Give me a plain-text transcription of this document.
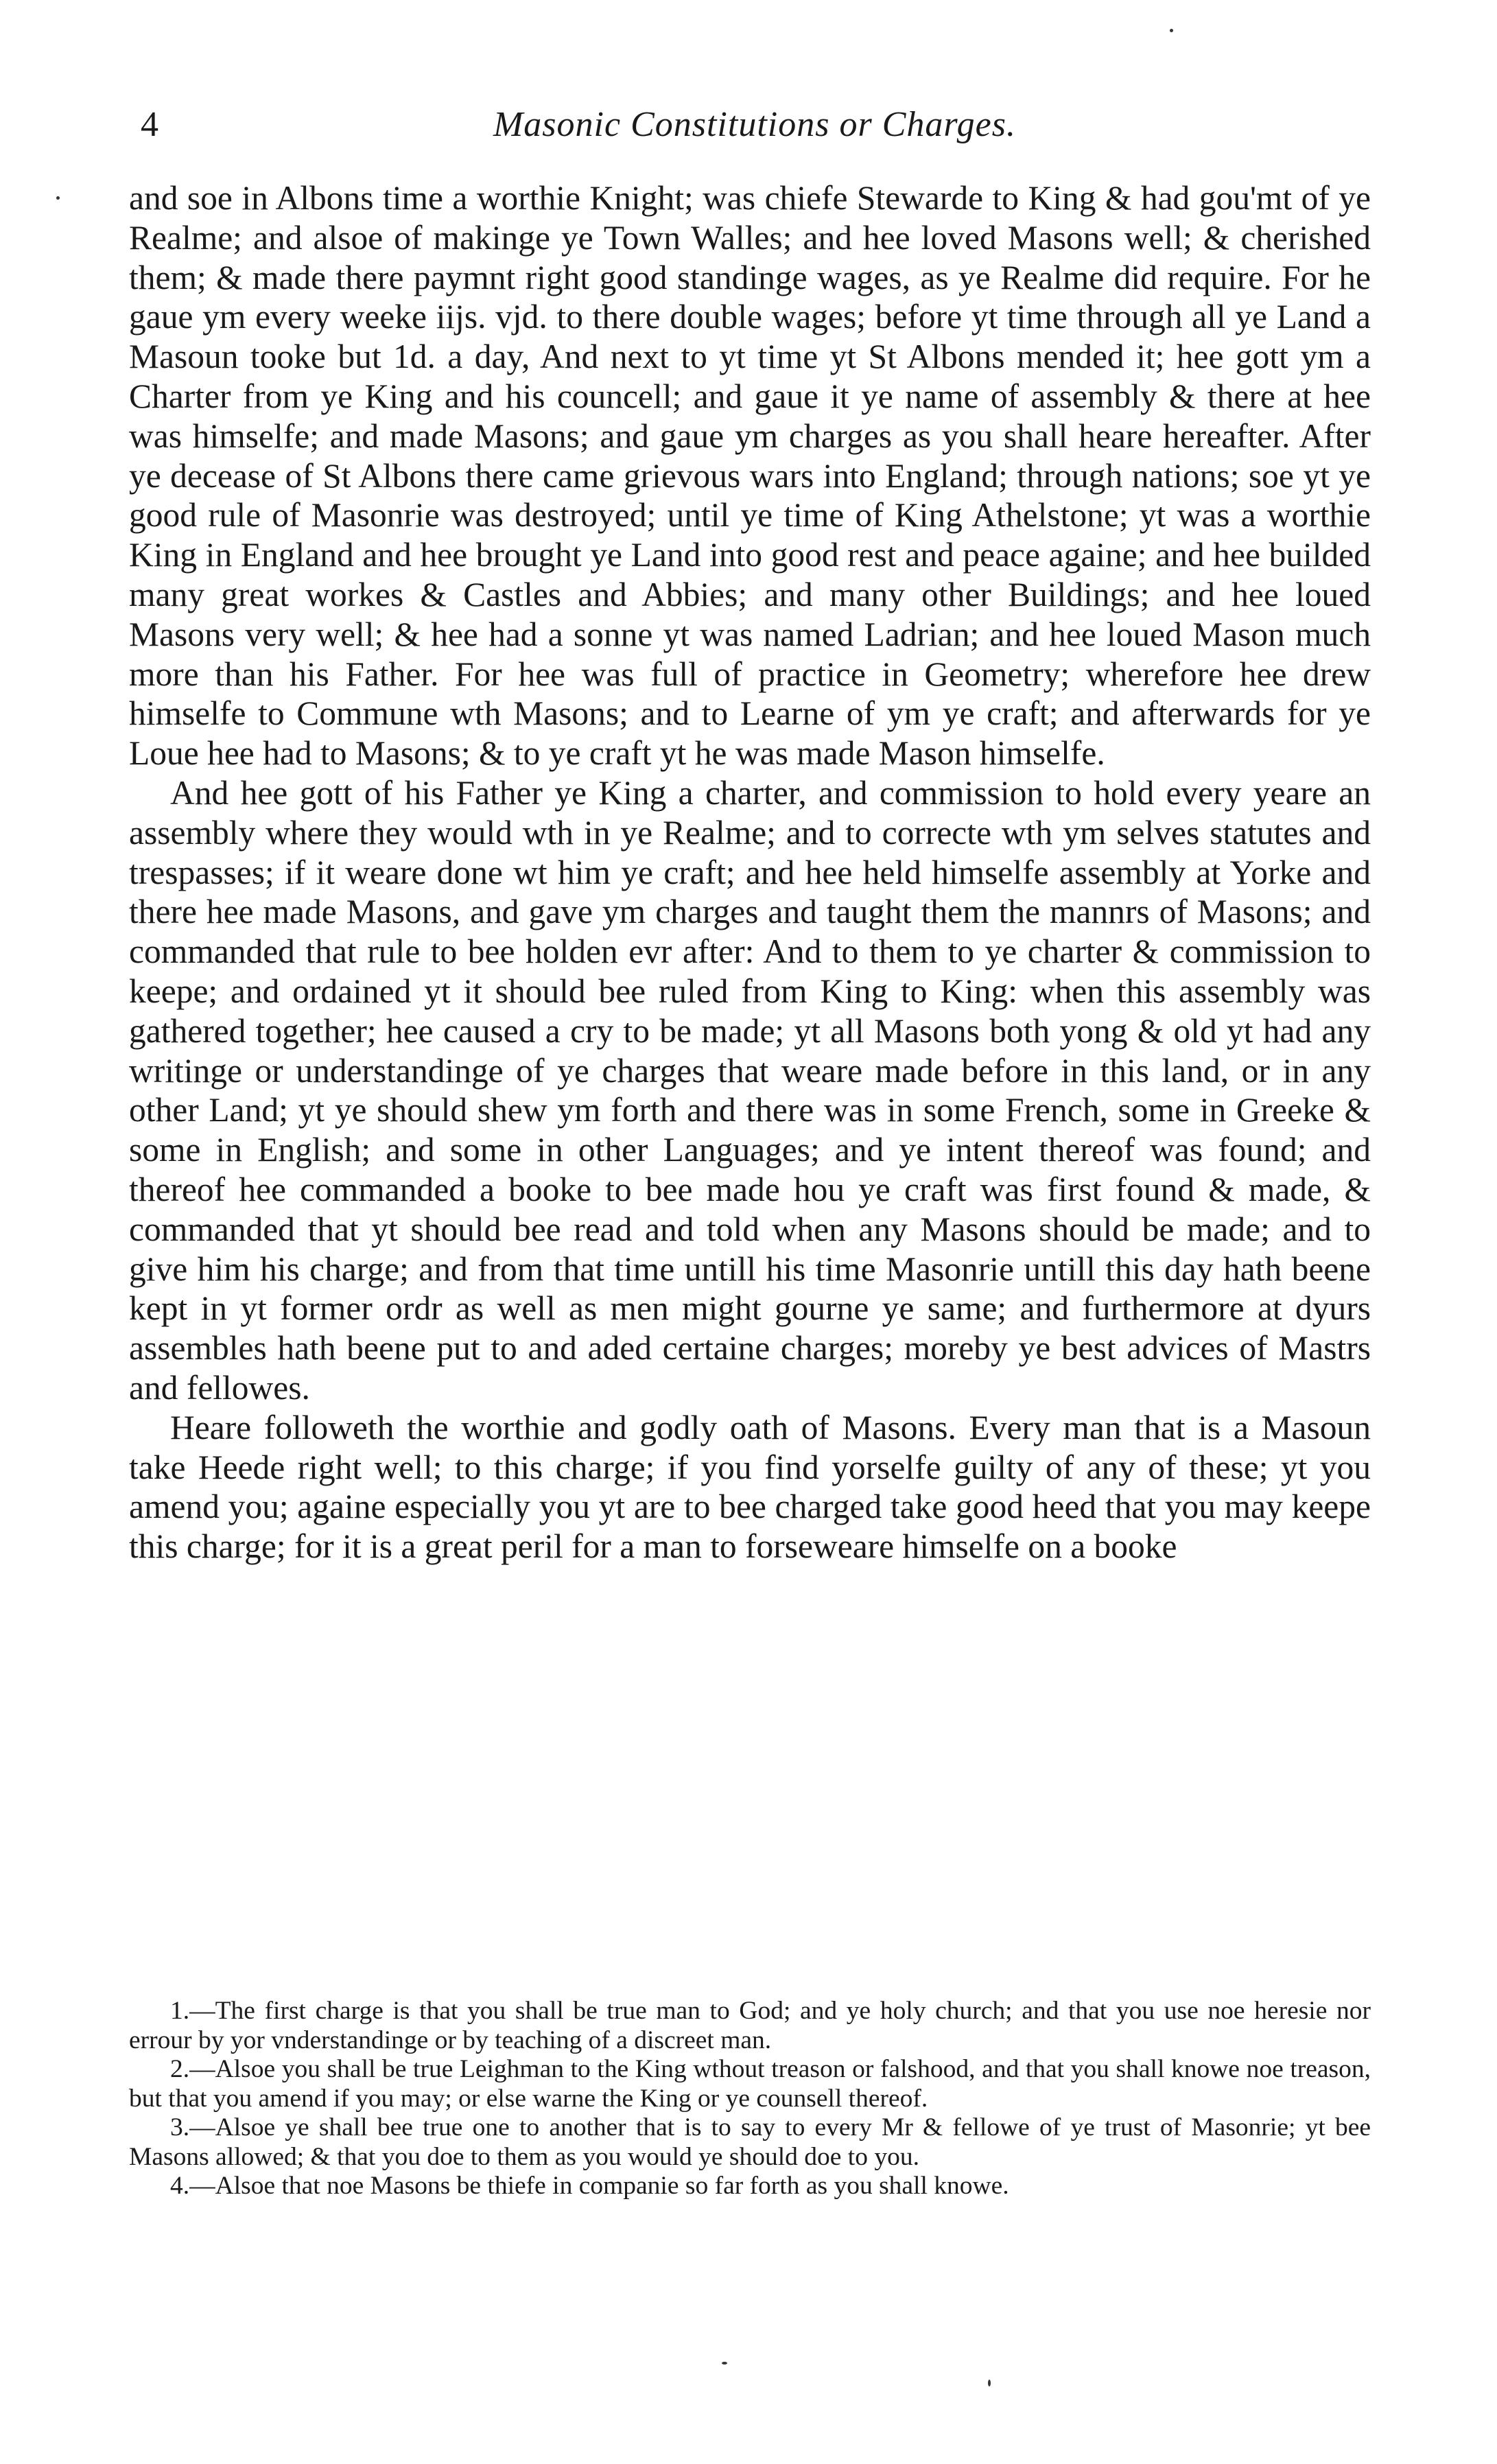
4	Masonic Constitutions or Charges.

and soe in Albons time a worthie Knight; was chiefe Stewarde to King & had gou'mt of ye Realme; and alsoe of makinge ye Town Walles; and hee loved Masons well; & cherished them; & made there paymnt right good standinge wages, as ye Realme did require. For he gaue ym every weeke iijs. vjd. to there double wages; before yt time through all ye Land a Masoun tooke but 1d. a day, And next to yt time yt St Albons mended it; hee gott ym a Charter from ye King and his councell; and gaue it ye name of assembly & there at hee was himselfe; and made Masons; and gaue ym charges as you shall heare hereafter. After ye decease of St Albons there came grievous wars into England; through nations; soe yt ye good rule of Masonrie was destroyed; until ye time of King Athelstone; yt was a worthie King in England and hee brought ye Land into good rest and peace againe; and hee builded many great workes & Castles and Abbies; and many other Buildings; and hee loued Masons very well; & hee had a sonne yt was named Ladrian; and hee loued Mason much more than his Father. For hee was full of practice in Geometry; wherefore hee drew himselfe to Commune wth Masons; and to Learne of ym ye craft; and afterwards for ye Loue hee had to Masons; & to ye craft yt he was made Mason himselfe.

And hee gott of his Father ye King a charter, and commission to hold every yeare an assembly where they would wth in ye Realme; and to correcte wth ym selves statutes and trespasses; if it weare done wt him ye craft; and hee held himselfe assembly at Yorke and there hee made Masons, and gave ym charges and taught them the mannrs of Masons; and commanded that rule to bee holden evr after: And to them to ye charter & commission to keepe; and ordained yt it should bee ruled from King to King: when this assembly was gathered together; hee caused a cry to be made; yt all Masons both yong & old yt had any writinge or understandinge of ye charges that weare made before in this land, or in any other Land; yt ye should shew ym forth and there was in some French, some in Greeke & some in English; and some in other Languages; and ye intent thereof was found; and thereof hee commanded a booke to bee made hou ye craft was first found & made, & commanded that yt should bee read and told when any Masons should be made; and to give him his charge; and from that time untill his time Masonrie untill this day hath beene kept in yt former ordr as well as men might gourne ye same; and furthermore at dyurs assembles hath beene put to and aded certaine charges; moreby ye best advices of Mastrs and fellowes.

Heare followeth the worthie and godly oath of Masons. Every man that is a Masoun take Heede right well; to this charge; if you find yorselfe guilty of any of these; yt you amend you; againe especially you yt are to bee charged take good heed that you may keepe this charge; for it is a great peril for a man to forseweare himselfe on a booke

1.—The first charge is that you shall be true man to God; and ye holy church; and that you use noe heresie nor errour by yor vnderstandinge or by teaching of a discreet man.

2.—Alsoe you shall be true Leighman to the King wthout treason or falshood, and that you shall knowe noe treason, but that you amend if you may; or else warne the King or ye counsell thereof.

3.—Alsoe ye shall bee true one to another that is to say to every Mr & fellowe of ye trust of Masonrie; yt bee Masons allowed; & that you doe to them as you would ye should doe to you.

4.—Alsoe that noe Masons be thiefe in companie so far forth as you shall knowe.
